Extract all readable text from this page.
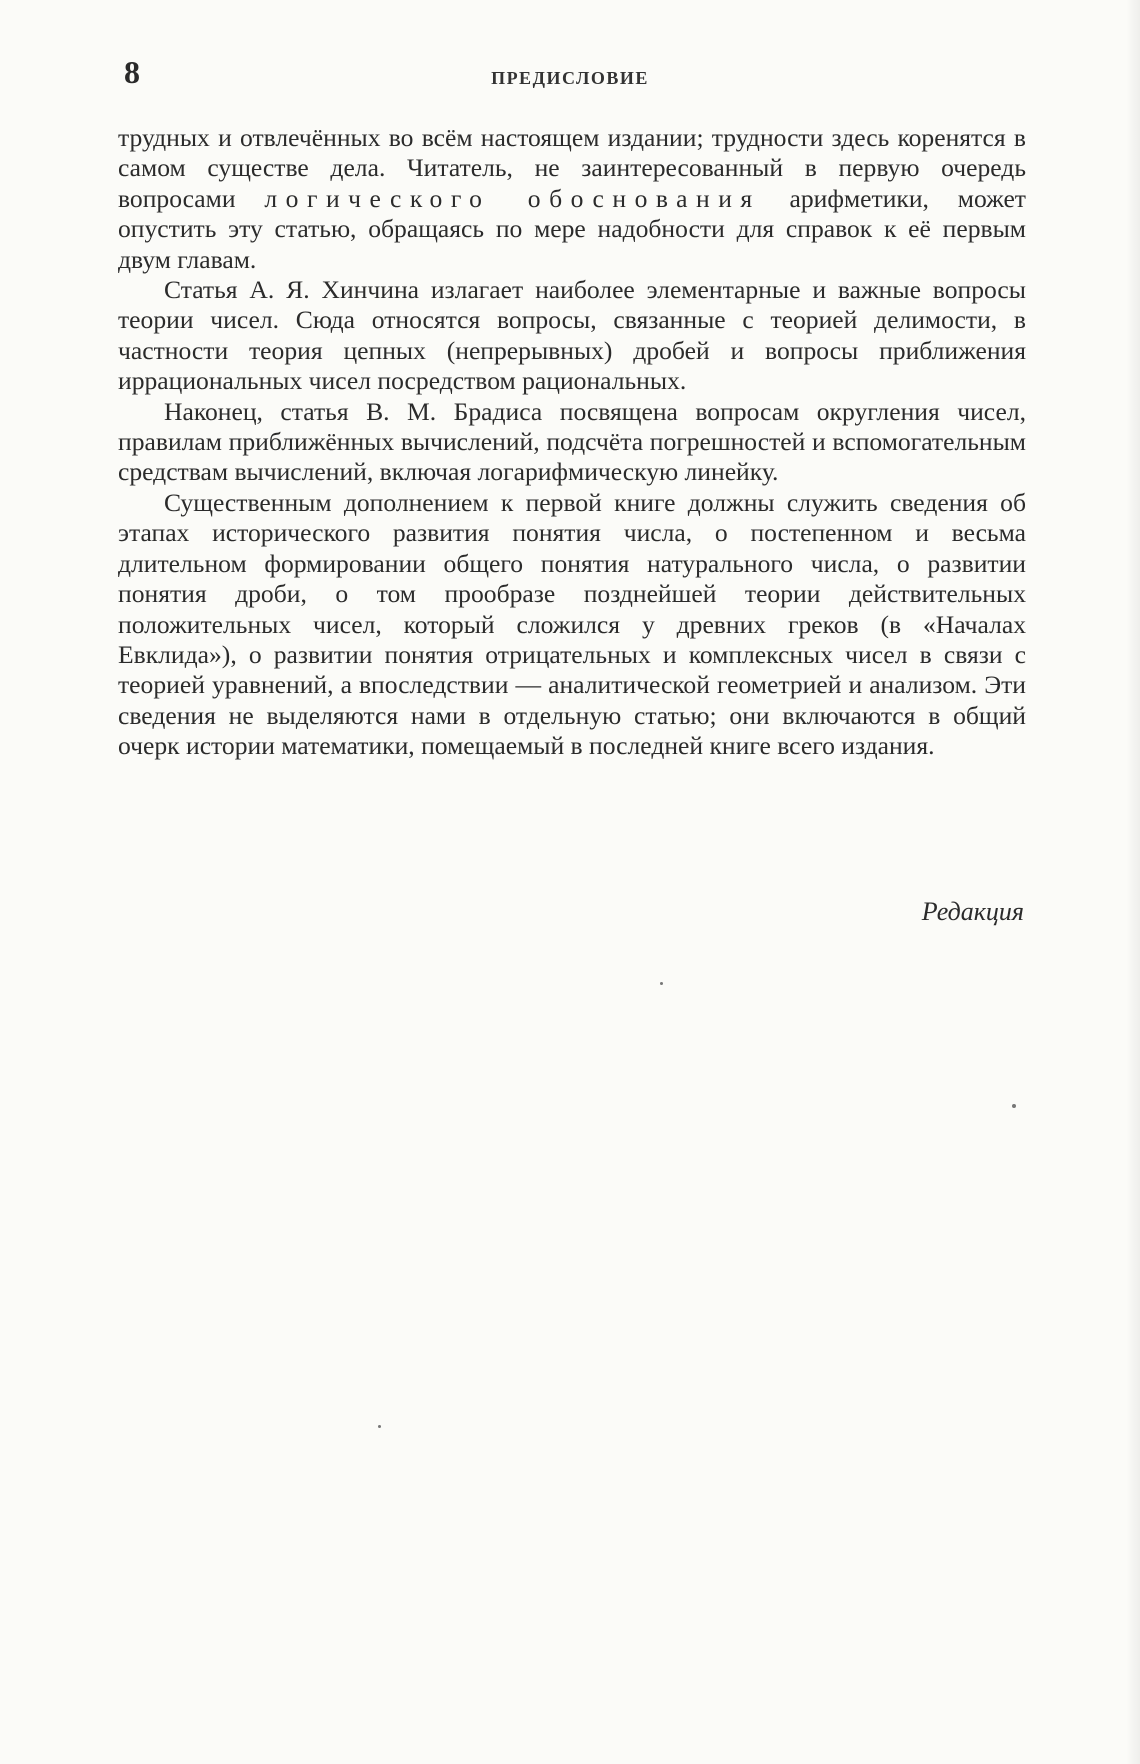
8	ПРЕДИСЛОВИЕ

трудных и отвлечённых во всём настоящем издании; трудности здесь коренятся в самом существе дела. Читатель, не заинтересованный в первую очередь вопросами логического обоснования арифметики, может опустить эту статью, обращаясь по мере надобности для справок к её первым двум главам.

Статья А. Я. Хинчина излагает наиболее элементарные и важные вопросы теории чисел. Сюда относятся вопросы, связанные с теорией делимости, в частности теория цепных (непрерывных) дробей и вопросы приближения иррациональных чисел посредством рациональных.

Наконец, статья В. М. Брадиса посвящена вопросам округления чисел, правилам приближённых вычислений, подсчёта погрешностей и вспомогательным средствам вычислений, включая логарифмическую линейку.

Существенным дополнением к первой книге должны служить сведения об этапах исторического развития понятия числа, о постепенном и весьма длительном формировании общего понятия натурального числа, о развитии понятия дроби, о том прообразе позднейшей теории действительных положительных чисел, который сложился у древних греков (в «Началах Евклида»), о развитии понятия отрицательных и комплексных чисел в связи с теорией уравнений, а впоследствии — аналитической геометрией и анализом. Эти сведения не выделяются нами в отдельную статью; они включаются в общий очерк истории математики, помещаемый в последней книге всего издания.

Редакция
